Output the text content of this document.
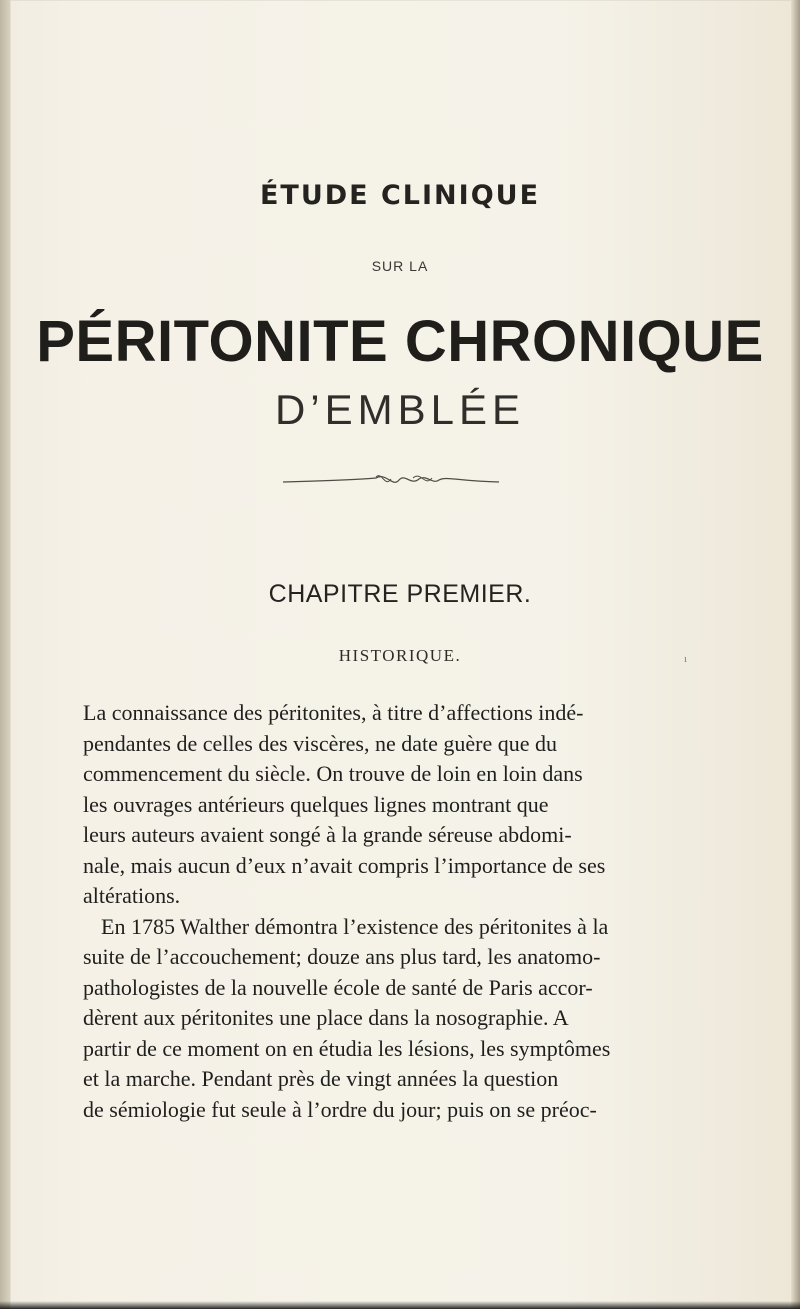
ÉTUDE CLINIQUE
SUR LA
PÉRITONITE CHRONIQUE
D’EMBLÉE
CHAPITRE PREMIER.
HISTORIQUE.
La connaissance des péritonites, à titre d’affections indé-
pendantes de celles des viscères, ne date guère que du
commencement du siècle. On trouve de loin en loin dans
les ouvrages antérieurs quelques lignes montrant que
leurs auteurs avaient songé à la grande séreuse abdomi-
nale, mais aucun d’eux n’avait compris l’importance de ses
altérations.
En 1785 Walther démontra l’existence des péritonites à la
suite de l’accouchement; douze ans plus tard, les anatomo-
pathologistes de la nouvelle école de santé de Paris accor-
dèrent aux péritonites une place dans la nosographie. A
partir de ce moment on en étudia les lésions, les symptômes
et la marche. Pendant près de vingt années la question
de sémiologie fut seule à l’ordre du jour; puis on se préoc-
ı
